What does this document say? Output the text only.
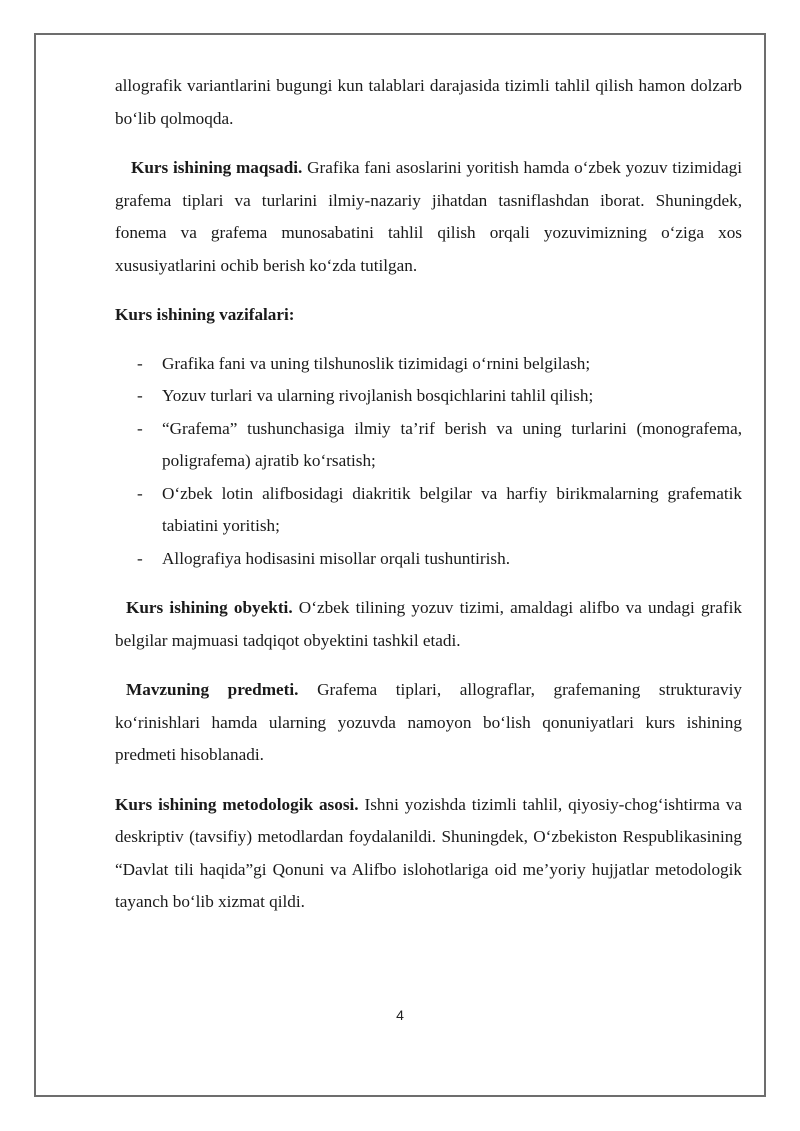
allografik variantlarini bugungi kun talablari darajasida tizimli tahlil qilish hamon dolzarb bo‘lib qolmoqda.

Kurs ishining maqsadi. Grafika fani asoslarini yoritish hamda o‘zbek yozuv tizimidagi grafema tiplari va turlarini ilmiy-nazariy jihatdan tasniflashdan iborat. Shuningdek, fonema va grafema munosabatini tahlil qilish orqali yozuvimizning o‘ziga xos xususiyatlarini ochib berish ko‘zda tutilgan.

Kurs ishining vazifalari:

- Grafika fani va uning tilshunoslik tizimidagi o‘rnini belgilash;
- Yozuv turlari va ularning rivojlanish bosqichlarini tahlil qilish;
- “Grafema” tushunchasiga ilmiy ta’rif berish va uning turlarini (monografema, poligrafema) ajratib ko‘rsatish;
- O‘zbek lotin alifbosidagi diakritik belgilar va harfiy birikmalarning grafematik tabiatini yoritish;
- Allografiya hodisasini misollar orqali tushuntirish.

Kurs ishining obyekti. O‘zbek tilining yozuv tizimi, amaldagi alifbo va undagi grafik belgilar majmuasi tadqiqot obyektini tashkil etadi.

Mavzuning predmeti. Grafema tiplari, allograflar, grafemaning strukturaviy ko‘rinishlari hamda ularning yozuvda namoyon bo‘lish qonuniyatlari kurs ishining predmeti hisoblanadi.

Kurs ishining metodologik asosi. Ishni yozishda tizimli tahlil, qiyosiy-chog‘ishtirma va deskriptiv (tavsifiy) metodlardan foydalanildi. Shuningdek, O‘zbekiston Respublikasining “Davlat tili haqida”gi Qonuni va Alifbo islohotlariga oid me’yoriy hujjatlar metodologik tayanch bo‘lib xizmat qildi.

4
